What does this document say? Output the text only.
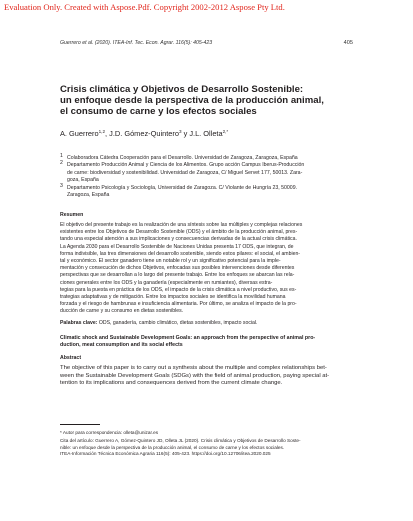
Evaluation Only. Created with Aspose.Pdf. Copyright 2002-2012 Aspose Pty Ltd.
Guerrero et al. (2020). ITEA-Inf. Tec. Econ. Agrar. 116(5): 405-423	405
Crisis climática y Objetivos de Desarrollo Sostenible:
un enfoque desde la perspectiva de la producción animal,
el consumo de carne y los efectos sociales
A. Guerrero$^{1,2}$, J.D. Gómez-Quintero$^3$ y J.L. Olleta$^{2,*}$
1 Colaboradora Cátedra Cooperación para el Desarrollo. Universidad de Zaragoza, Zaragoza, España
2 Departamento Producción Animal y Ciencia de los Alimentos. Grupo acción Campus Iberus-Producción
de carne: biodiversidad y sostenibilidad. Universidad de Zaragoza, C/ Miguel Servet 177, 50013. Zara-
goza, España
3 Departamento Psicología y Sociología, Universidad de Zaragoza. C/ Violante de Hungría 23, 50009.
Zaragoza, España
Resumen
El objetivo del presente trabajo es la realización de una síntesis sobre las múltiples y complejas relaciones
existentes entre los Objetivos de Desarrollo Sostenible (ODS) y el ámbito de la producción animal, pres-
tando una especial atención a sus implicaciones y consecuencias derivadas de la actual crisis climática.
La Agenda 2030 para el Desarrollo Sostenible de Naciones Unidas presenta 17 ODS, que integran, de
forma indivisible, las tres dimensiones del desarrollo sostenible, siendo estos pilares: el social, el ambien-
tal y económico. El sector ganadero tiene un notable rol y un significativo potencial para la imple-
mentación y consecución de dichos Objetivos, enfocadas sus posibles intervenciones desde diferentes
perspectivas que se desarrollan a lo largo del presente trabajo. Entre los enfoques se abarcan las rela-
ciones generales entre los ODS y la ganadería (especialmente en rumiantes), diversas estra-
tegias para la puesta en práctica de los ODS, el impacto de la crisis climática a nivel productivo, sus es-
trategias adaptativas y de mitigación. Entre los impactos sociales se identifica la movilidad humana
forzada y el riesgo de hambrunas e insuficiencia alimentaria. Por último, se analiza el impacto de la pro-
ducción de carne y su consumo en dietas sostenibles.
Palabras clave: ODS, ganadería, cambio climático, dietas sostenibles, impacto social.
Climatic shock and Sustainable Development Goals: an approach from the perspective of animal pro-
duction, meat consumption and its social effects
Abstract
The objective of this paper is to carry out a synthesis about the multiple and complex relationships bet-
ween the Sustainable Development Goals (SDGs) with the field of animal production, paying special at-
tention to its implications and consequences derived from the current climate change.
* Autor para correspondencia: olleta@unizar.es
Cita del artículo: Guerrero A, Gómez-Quintero JD, Olleta JL (2020). Crisis climática y Objetivos de Desarrollo Soste-
nible: un enfoque desde la perspectiva de la producción animal, el consumo de carne y los efectos sociales.
ITEA-Información Técnica Económica Agraria 116(5): 405-423. https://doi.org/10.12706/itea.2020.025
